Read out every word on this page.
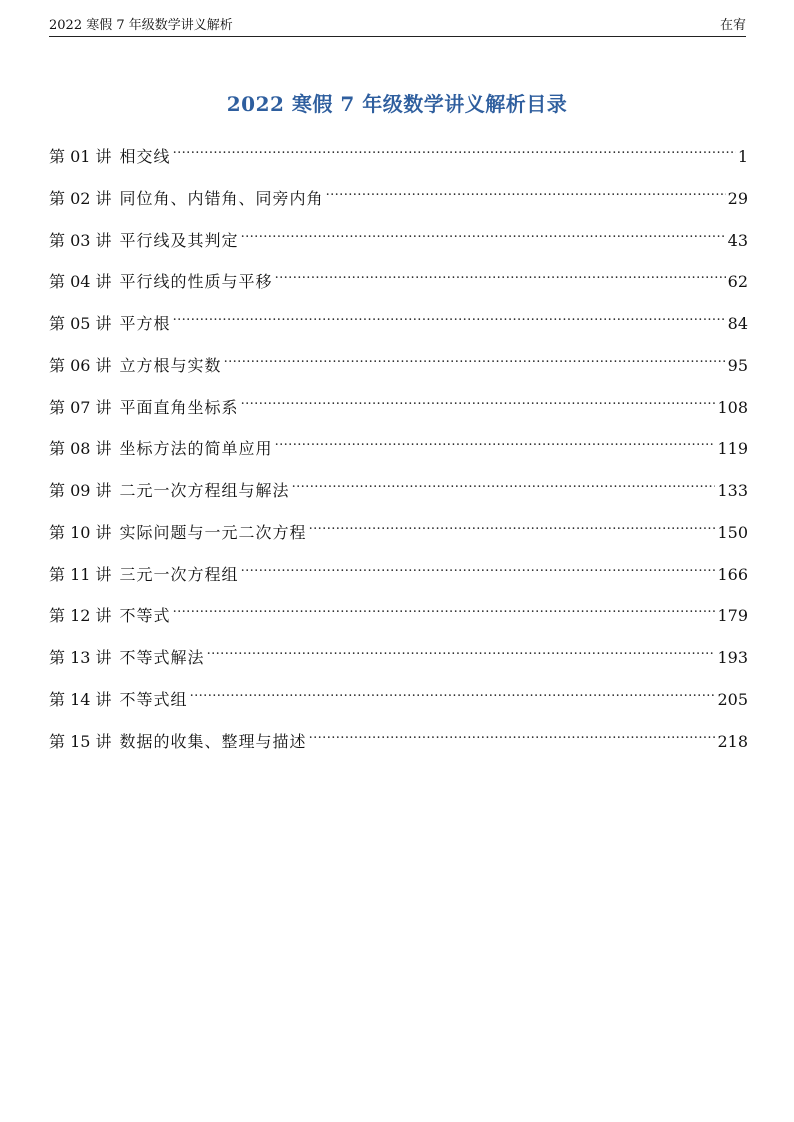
2022 寒假 7 年级数学讲义解析	在宥
2022 寒假 7 年级数学讲义解析目录
第 01 讲 相交线 .....	1
第 02 讲 同位角、内错角、同旁内角 .....	29
第 03 讲 平行线及其判定 .....	43
第 04 讲 平行线的性质与平移 .....	62
第 05 讲 平方根 .....	84
第 06 讲 立方根与实数 .....	95
第 07 讲 平面直角坐标系 .....	108
第 08 讲 坐标方法的简单应用 .....	119
第 09 讲 二元一次方程组与解法 .....	133
第 10 讲 实际问题与一元二次方程 .....	150
第 11 讲 三元一次方程组 .....	166
第 12 讲 不等式 .....	179
第 13 讲 不等式解法 .....	193
第 14 讲 不等式组 .....	205
第 15 讲 数据的收集、整理与描述 .....	218
